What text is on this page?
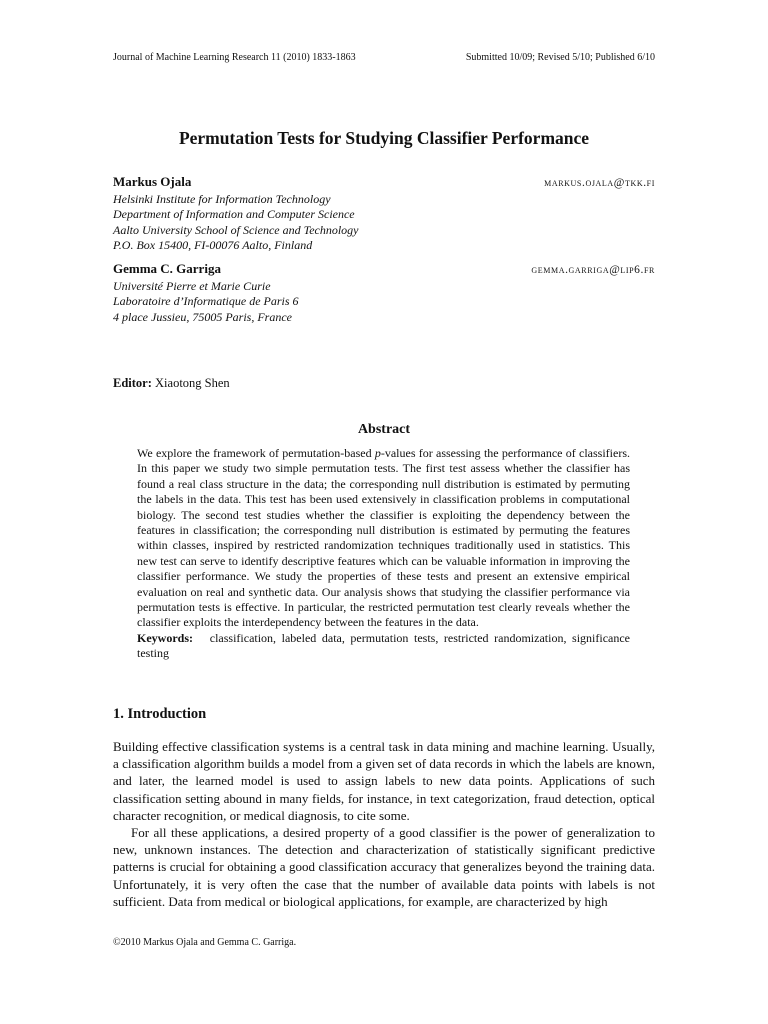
Journal of Machine Learning Research 11 (2010) 1833-1863	Submitted 10/09; Revised 5/10; Published 6/10
Permutation Tests for Studying Classifier Performance
Markus Ojala	markus.ojala@tkk.fi
Helsinki Institute for Information Technology
Department of Information and Computer Science
Aalto University School of Science and Technology
P.O. Box 15400, FI-00076 Aalto, Finland
Gemma C. Garriga	gemma.garriga@lip6.fr
Université Pierre et Marie Curie
Laboratoire d’Informatique de Paris 6
4 place Jussieu, 75005 Paris, France
Editor: Xiaotong Shen
Abstract

We explore the framework of permutation-based p-values for assessing the performance of classifiers. In this paper we study two simple permutation tests. The first test assess whether the classifier has found a real class structure in the data; the corresponding null distribution is estimated by permuting the labels in the data. This test has been used extensively in classification problems in computational biology. The second test studies whether the classifier is exploiting the dependency between the features in classification; the corresponding null distribution is estimated by permuting the features within classes, inspired by restricted randomization techniques traditionally used in statistics. This new test can serve to identify descriptive features which can be valuable information in improving the classifier performance. We study the properties of these tests and present an extensive empirical evaluation on real and synthetic data. Our analysis shows that studying the classifier performance via permutation tests is effective. In particular, the restricted permutation test clearly reveals whether the classifier exploits the interdependency between the features in the data.

Keywords: classification, labeled data, permutation tests, restricted randomization, significance testing

1. Introduction

Building effective classification systems is a central task in data mining and machine learning. Usually, a classification algorithm builds a model from a given set of data records in which the labels are known, and later, the learned model is used to assign labels to new data points. Applications of such classification setting abound in many fields, for instance, in text categorization, fraud detection, optical character recognition, or medical diagnosis, to cite some.

For all these applications, a desired property of a good classifier is the power of generalization to new, unknown instances. The detection and characterization of statistically significant predictive patterns is crucial for obtaining a good classification accuracy that generalizes beyond the training data. Unfortunately, it is very often the case that the number of available data points with labels is not sufficient. Data from medical or biological applications, for example, are characterized by high

©2010 Markus Ojala and Gemma C. Garriga.
